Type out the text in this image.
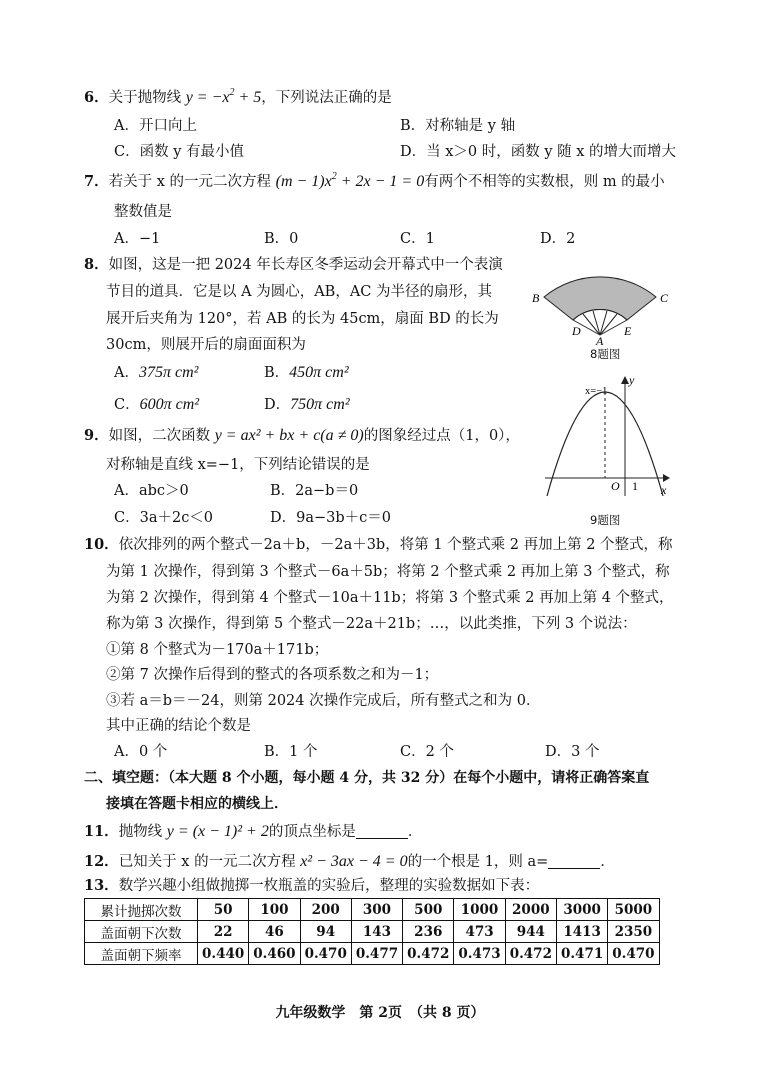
6．关于抛物线 $y = -x^2 + 5$，下列说法正确的是
A．开口向上	B．对称轴是 y 轴
C．函数 y 有最小值	D．当 x＞0 时，函数 y 随 x 的增大而增大
7．若关于 x 的一元二次方程 $(m - 1)x^2 + 2x - 1 = 0$有两个不相等的实数根，则 m 的最小
整数值是
A．−1	B．0	C．1	D．2
8．如图，这是一把 2024 年长寿区冬季运动会开幕式中一个表演
节目的道具．它是以 A 为圆心，AB，AC 为半径的扇形，其
展开后夹角为 120°，若 AB 的长为 45cm，扇面 BD 的长为
30cm，则展开后的扇面面积为
A．375π cm²	B．450π cm²
C．600π cm²	D．750π cm²
B	C
D
A
E
8题图
9．如图，二次函数 y = ax² + bx + c(a ≠ 0)的图象经过点（1，0），
对称轴是直线 x=−1，下列结论错误的是
A．abc＞0	B．2a−b＝0
C．3a＋2c＜0	D．9a−3b＋c＝0
x=−1
y
x
O 1
9题图
10．依次排列的两个整式－2a＋b，－2a＋3b，将第 1 个整式乘 2 再加上第 2 个整式，称
为第 1 次操作，得到第 3 个整式－6a＋5b；将第 2 个整式乘 2 再加上第 3 个整式，称
为第 2 次操作，得到第 4 个整式－10a＋11b；将第 3 个整式乘 2 再加上第 4 个整式，
称为第 3 次操作，得到第 5 个整式－22a＋21b；…，以此类推，下列 3 个说法：
①第 8 个整式为－170a＋171b；
②第 7 次操作后得到的整式的各项系数之和为－1；
③若 a＝b＝－24，则第 2024 次操作完成后，所有整式之和为 0．
其中正确的结论个数是
A．0 个	B．1 个	C．2 个	D．3 个
二、填空题：（本大题 8 个小题，每小题 4 分，共 32 分）在每个小题中，请将正确答案直
接填在答题卡相应的横线上．
11．抛物线 y = (x − 1)² + 2的顶点坐标是	．
12．已知关于 x 的一元二次方程 x² − 3ax − 4 = 0的一个根是 1，则 a=	．
13．数学兴趣小组做抛掷一枚瓶盖的实验后，整理的实验数据如下表：
累计抛掷次数	50	100	200	300	500	1000	2000	3000	5000
盖面朝下次数	22	46	94	143	236	473	944	1413	2350
盖面朝下频率	0.440	0.460	0.470	0.477	0.472	0.473	0.472	0.471	0.470
九年级数学　第 2页　（共 8 页）
